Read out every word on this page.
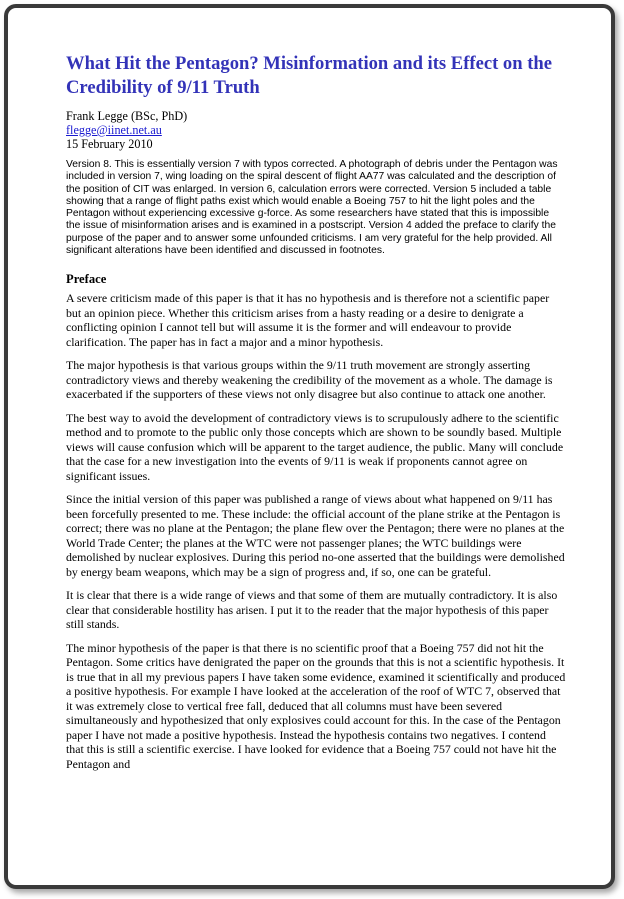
What Hit the Pentagon? Misinformation and its Effect on the Credibility of 9/11 Truth
Frank Legge (BSc, PhD)
flegge@iinet.net.au
15 February 2010
Version 8. This is essentially version 7 with typos corrected. A photograph of debris under the Pentagon was included in version 7, wing loading on the spiral descent of flight AA77 was calculated and the description of the position of CIT was enlarged. In version 6, calculation errors were corrected. Version 5 included a table showing that a range of flight paths exist which would enable a Boeing 757 to hit the light poles and the Pentagon without experiencing excessive g-force. As some researchers have stated that this is impossible the issue of misinformation arises and is examined in a postscript. Version 4 added the preface to clarify the purpose of the paper and to answer some unfounded criticisms. I am very grateful for the help provided. All significant alterations have been identified and discussed in footnotes.
Preface

A severe criticism made of this paper is that it has no hypothesis and is therefore not a scientific paper but an opinion piece. Whether this criticism arises from a hasty reading or a desire to denigrate a conflicting opinion I cannot tell but will assume it is the former and will endeavour to provide clarification. The paper has in fact a major and a minor hypothesis.

The major hypothesis is that various groups within the 9/11 truth movement are strongly asserting contradictory views and thereby weakening the credibility of the movement as a whole. The damage is exacerbated if the supporters of these views not only disagree but also continue to attack one another.

The best way to avoid the development of contradictory views is to scrupulously adhere to the scientific method and to promote to the public only those concepts which are shown to be soundly based. Multiple views will cause confusion which will be apparent to the target audience, the public. Many will conclude that the case for a new investigation into the events of 9/11 is weak if proponents cannot agree on significant issues.

Since the initial version of this paper was published a range of views about what happened on 9/11 has been forcefully presented to me. These include: the official account of the plane strike at the Pentagon is correct; there was no plane at the Pentagon; the plane flew over the Pentagon; there were no planes at the World Trade Center; the planes at the WTC were not passenger planes; the WTC buildings were demolished by nuclear explosives. During this period no-one asserted that the buildings were demolished by energy beam weapons, which may be a sign of progress and, if so, one can be grateful.

It is clear that there is a wide range of views and that some of them are mutually contradictory. It is also clear that considerable hostility has arisen. I put it to the reader that the major hypothesis of this paper still stands.

The minor hypothesis of the paper is that there is no scientific proof that a Boeing 757 did not hit the Pentagon. Some critics have denigrated the paper on the grounds that this is not a scientific hypothesis. It is true that in all my previous papers I have taken some evidence, examined it scientifically and produced a positive hypothesis. For example I have looked at the acceleration of the roof of WTC 7, observed that it was extremely close to vertical free fall, deduced that all columns must have been severed simultaneously and hypothesized that only explosives could account for this. In the case of the Pentagon paper I have not made a positive hypothesis. Instead the hypothesis contains two negatives. I contend that this is still a scientific exercise. I have looked for evidence that a Boeing 757 could not have hit the Pentagon and
